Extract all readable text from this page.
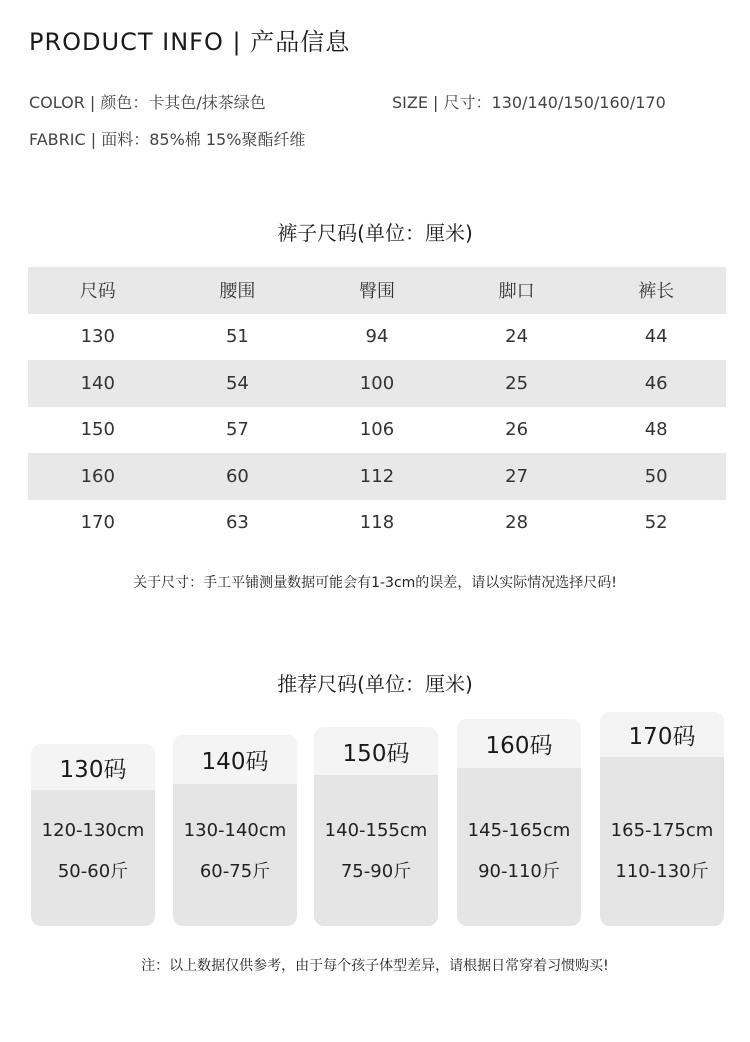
PRODUCT INFO | 产品信息
COLOR | 颜色：卡其色/抹茶绿色	SIZE | 尺寸：130/140/150/160/170
FABRIC | 面料：85%棉 15%聚酯纤维
裤子尺码(单位：厘米)
尺码	腰围	臀围	脚口	裤长
130	51	94	24	44
140	54	100	25	46
150	57	106	26	48
160	60	112	27	50
170	63	118	28	52
关于尺寸：手工平铺测量数据可能会有1-3cm的误差，请以实际情况选择尺码!
推荐尺码(单位：厘米)
130码
120-130cm
50-60斤
140码
130-140cm
60-75斤
150码
140-155cm
75-90斤
160码
145-165cm
90-110斤
170码
165-175cm
110-130斤
注：以上数据仅供参考，由于每个孩子体型差异，请根据日常穿着习惯购买!
